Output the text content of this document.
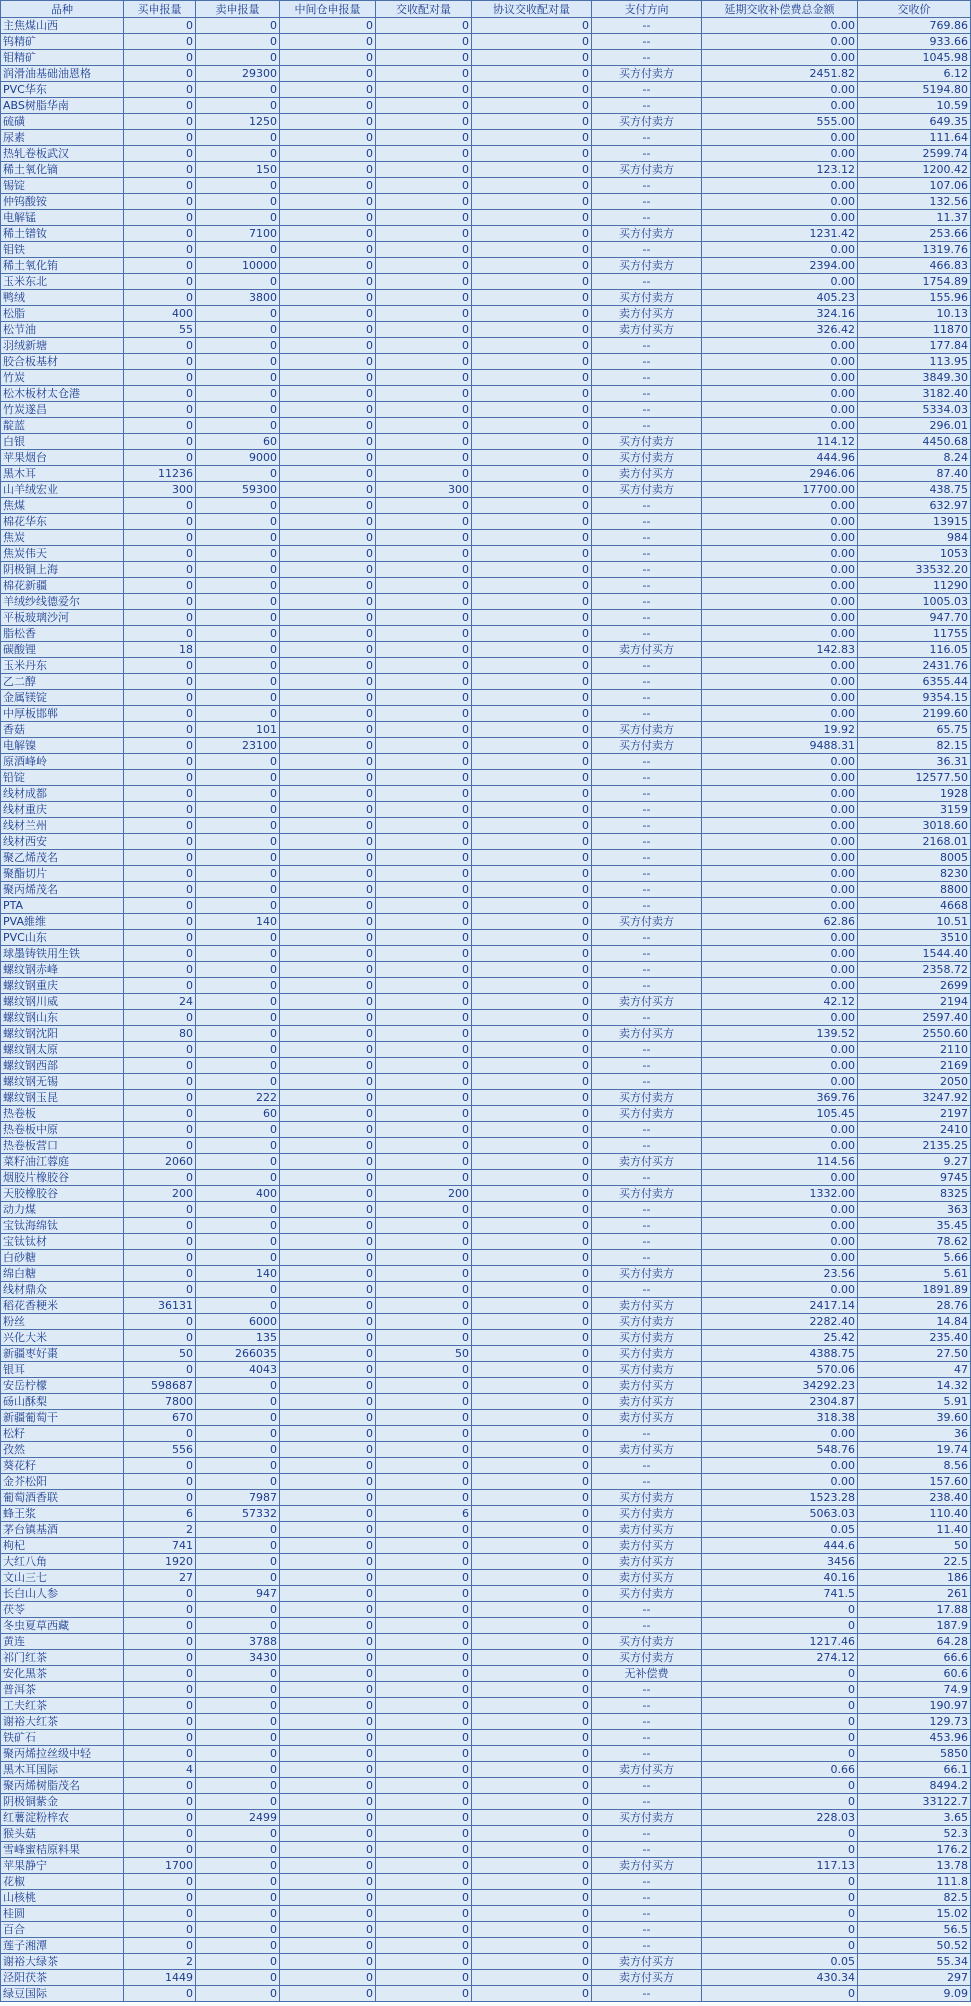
品种	买申报量	卖申报量	中间仓申报量	交收配对量	协议交收配对量	支付方向	延期交收补偿费总金额	交收价
主焦煤山西	0	0	0	0	0	--	0.00	769.86
钨精矿	0	0	0	0	0	--	0.00	933.66
钼精矿	0	0	0	0	0	--	0.00	1045.98
润滑油基础油恩格	0	29300	0	0	0	买方付卖方	2451.82	6.12
PVC华东	0	0	0	0	0	--	0.00	5194.80
ABS树脂华南	0	0	0	0	0	--	0.00	10.59
硫磺	0	1250	0	0	0	买方付卖方	555.00	649.35
尿素	0	0	0	0	0	--	0.00	111.64
热轧卷板武汉	0	0	0	0	0	--	0.00	2599.74
稀土氧化镝	0	150	0	0	0	买方付卖方	123.12	1200.42
锡锭	0	0	0	0	0	--	0.00	107.06
仲钨酸铵	0	0	0	0	0	--	0.00	132.56
电解锰	0	0	0	0	0	--	0.00	11.37
稀土镨钕	0	7100	0	0	0	买方付卖方	1231.42	253.66
钼铁	0	0	0	0	0	--	0.00	1319.76
稀土氧化铕	0	10000	0	0	0	买方付卖方	2394.00	466.83
玉米东北	0	0	0	0	0	--	0.00	1754.89
鸭绒	0	3800	0	0	0	买方付卖方	405.23	155.96
松脂	400	0	0	0	0	卖方付买方	324.16	10.13
松节油	55	0	0	0	0	卖方付买方	326.42	11870
羽绒新塘	0	0	0	0	0	--	0.00	177.84
胶合板基材	0	0	0	0	0	--	0.00	113.95
竹炭	0	0	0	0	0	--	0.00	3849.30
松木板材太仓港	0	0	0	0	0	--	0.00	3182.40
竹炭遂昌	0	0	0	0	0	--	0.00	5334.03
靛蓝	0	0	0	0	0	--	0.00	296.01
白银	0	60	0	0	0	买方付卖方	114.12	4450.68
苹果烟台	0	9000	0	0	0	买方付卖方	444.96	8.24
黑木耳	11236	0	0	0	0	卖方付买方	2946.06	87.40
山羊绒宏业	300	59300	0	300	0	买方付卖方	17700.00	438.75
焦煤	0	0	0	0	0	--	0.00	632.97
棉花华东	0	0	0	0	0	--	0.00	13915
焦炭	0	0	0	0	0	--	0.00	984
焦炭伟天	0	0	0	0	0	--	0.00	1053
阴极铜上海	0	0	0	0	0	--	0.00	33532.20
棉花新疆	0	0	0	0	0	--	0.00	11290
羊绒纱线德爱尔	0	0	0	0	0	--	0.00	1005.03
平板玻璃沙河	0	0	0	0	0	--	0.00	947.70
脂松香	0	0	0	0	0	--	0.00	11755
碳酸锂	18	0	0	0	0	卖方付买方	142.83	116.05
玉米丹东	0	0	0	0	0	--	0.00	2431.76
乙二醇	0	0	0	0	0	--	0.00	6355.44
金属镁锭	0	0	0	0	0	--	0.00	9354.15
中厚板邯郸	0	0	0	0	0	--	0.00	2199.60
香菇	0	101	0	0	0	买方付卖方	19.92	65.75
电解镍	0	23100	0	0	0	买方付卖方	9488.31	82.15
原酒峰岭	0	0	0	0	0	--	0.00	36.31
铅锭	0	0	0	0	0	--	0.00	12577.50
线材成都	0	0	0	0	0	--	0.00	1928
线材重庆	0	0	0	0	0	--	0.00	3159
线材兰州	0	0	0	0	0	--	0.00	3018.60
线材西安	0	0	0	0	0	--	0.00	2168.01
聚乙烯茂名	0	0	0	0	0	--	0.00	8005
聚酯切片	0	0	0	0	0	--	0.00	8230
聚丙烯茂名	0	0	0	0	0	--	0.00	8800
PTA	0	0	0	0	0	--	0.00	4668
PVA維维	0	140	0	0	0	买方付卖方	62.86	10.51
PVC山东	0	0	0	0	0	--	0.00	3510
球墨铸铁用生铁	0	0	0	0	0	--	0.00	1544.40
螺纹钢赤峰	0	0	0	0	0	--	0.00	2358.72
螺纹钢重庆	0	0	0	0	0	--	0.00	2699
螺纹钢川威	24	0	0	0	0	卖方付买方	42.12	2194
螺纹钢山东	0	0	0	0	0	--	0.00	2597.40
螺纹钢沈阳	80	0	0	0	0	卖方付买方	139.52	2550.60
螺纹钢太原	0	0	0	0	0	--	0.00	2110
螺纹钢西部	0	0	0	0	0	--	0.00	2169
螺纹钢无锡	0	0	0	0	0	--	0.00	2050
螺纹钢玉昆	0	222	0	0	0	买方付卖方	369.76	3247.92
热卷板	0	60	0	0	0	买方付卖方	105.45	2197
热卷板中原	0	0	0	0	0	--	0.00	2410
热卷板营口	0	0	0	0	0	--	0.00	2135.25
菜籽油江蓉庭	2060	0	0	0	0	卖方付买方	114.56	9.27
烟胶片橡胶谷	0	0	0	0	0	--	0.00	9745
天胶橡胶谷	200	400	0	200	0	买方付卖方	1332.00	8325
动力煤	0	0	0	0	0	--	0.00	363
宝钛海绵钛	0	0	0	0	0	--	0.00	35.45
宝钛钛材	0	0	0	0	0	--	0.00	78.62
白砂糖	0	0	0	0	0	--	0.00	5.66
绵白糖	0	140	0	0	0	买方付卖方	23.56	5.61
线材鼎众	0	0	0	0	0	--	0.00	1891.89
稻花香粳米	36131	0	0	0	0	卖方付买方	2417.14	28.76
粉丝	0	6000	0	0	0	买方付卖方	2282.40	14.84
兴化大米	0	135	0	0	0	买方付卖方	25.42	235.40
新疆枣好棗	50	266035	0	50	0	买方付卖方	4388.75	27.50
银耳	0	4043	0	0	0	买方付卖方	570.06	47
安岳柠檬	598687	0	0	0	0	卖方付买方	34292.23	14.32
砀山酥梨	7800	0	0	0	0	卖方付买方	2304.87	5.91
新疆葡萄干	670	0	0	0	0	卖方付买方	318.38	39.60
松籽	0	0	0	0	0	--	0.00	36
孜然	556	0	0	0	0	卖方付买方	548.76	19.74
葵花籽	0	0	0	0	0	--	0.00	8.56
金芥松阳	0	0	0	0	0	--	0.00	157.60
葡萄酒香联	0	7987	0	0	0	买方付卖方	1523.28	238.40
蜂王浆	6	57332	0	6	0	买方付卖方	5063.03	110.40
茅台镇基酒	2	0	0	0	0	卖方付买方	0.05	11.40
枸杞	741	0	0	0	0	卖方付买方	444.6	50
大红八角	1920	0	0	0	0	卖方付买方	3456	22.5
文山三七	27	0	0	0	0	卖方付买方	40.16	186
长白山人参	0	947	0	0	0	买方付卖方	741.5	261
茯苓	0	0	0	0	0	--	0	17.88
冬虫夏草西藏	0	0	0	0	0	--	0	187.9
黄连	0	3788	0	0	0	买方付卖方	1217.46	64.28
祁门红茶	0	3430	0	0	0	买方付卖方	274.12	66.6
安化黑茶	0	0	0	0	0	无补偿费	0	60.6
普洱茶	0	0	0	0	0	--	0	74.9
工夫红茶	0	0	0	0	0	--	0	190.97
谢裕大红茶	0	0	0	0	0	--	0	129.73
铁矿石	0	0	0	0	0	--	0	453.96
聚丙烯拉丝级中轻	0	0	0	0	0	--	0	5850
黑木耳国际	4	0	0	0	0	卖方付买方	0.66	66.1
聚丙烯树脂茂名	0	0	0	0	0	--	0	8494.2
阴极铜紫金	0	0	0	0	0	--	0	33122.7
红薯淀粉梓农	0	2499	0	0	0	买方付卖方	228.03	3.65
猴头菇	0	0	0	0	0	--	0	52.3
雪峰蜜桔原料果	0	0	0	0	0	--	0	176.2
苹果静宁	1700	0	0	0	0	卖方付买方	117.13	13.78
花椒	0	0	0	0	0	--	0	111.8
山核桃	0	0	0	0	0	--	0	82.5
桂圆	0	0	0	0	0	--	0	15.02
百合	0	0	0	0	0	--	0	56.5
莲子湘潭	0	0	0	0	0	--	0	50.52
谢裕大绿茶	2	0	0	0	0	卖方付买方	0.05	55.34
泾阳茯茶	1449	0	0	0	0	卖方付买方	430.34	297
绿豆国际	0	0	0	0	0	--	0	9.09
